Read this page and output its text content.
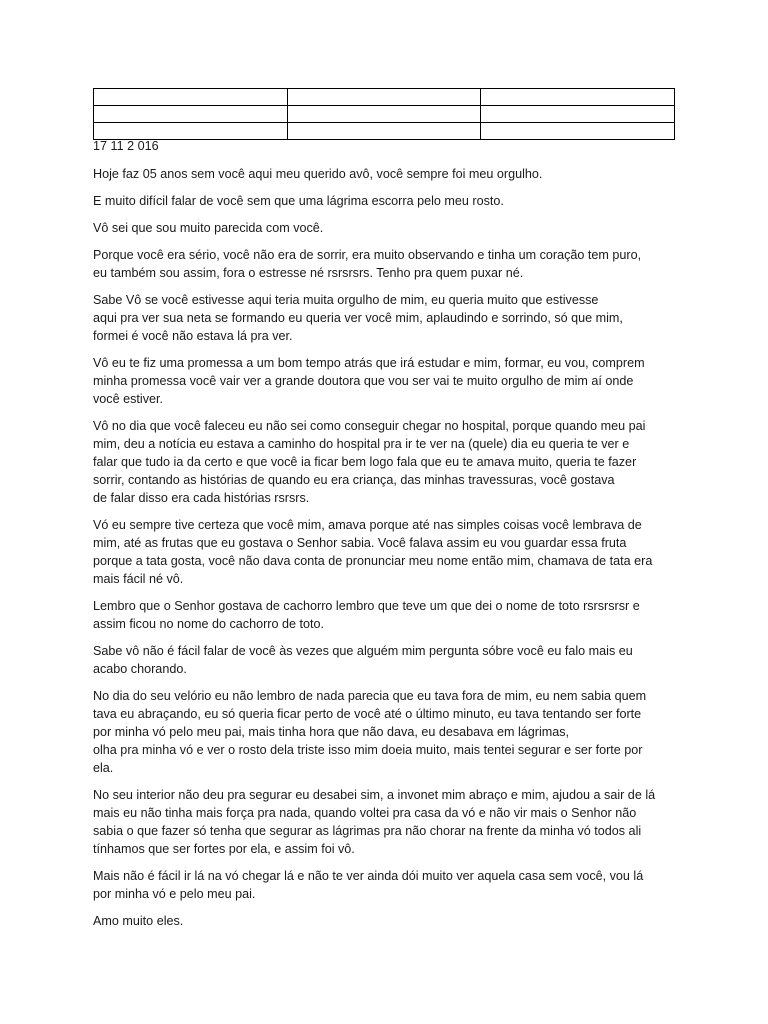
17 11 2 016

Hoje faz 05 anos sem você aqui meu querido avô, você sempre foi meu orgulho.

E muito difícil falar de você sem que uma lágrima escorra pelo meu rosto.

Vô sei que sou muito parecida com você.

Porque você era sério, você não era de sorrir, era muito observando e tinha um coração tem puro,
eu também sou assim, fora o estresse né rsrsrsrs. Tenho pra quem puxar né.

Sabe Vô se você estivesse aqui teria muita orgulho de mim, eu queria muito que estivesse
aqui pra ver sua neta se formando eu queria ver você mim, aplaudindo e sorrindo, só que mim,
formei é você não estava lá pra ver.

Vô eu te fiz uma promessa a um bom tempo atrás que irá estudar e mim, formar, eu vou, comprem
minha promessa você vair ver a grande doutora que vou ser vai te muito orgulho de mim aí onde
você estiver.

Vô no dia que você faleceu eu não sei como conseguir chegar no hospital, porque quando meu pai
mim, deu a notícia eu estava a caminho do hospital pra ir te ver na (quele) dia eu queria te ver e
falar que tudo ia da certo e que você ia ficar bem logo fala que eu te amava muito, queria te fazer
sorrir, contando as histórias de quando eu era criança, das minhas travessuras, você gostava
de falar disso era cada histórias rsrsrs.

Vó eu sempre tive certeza que você mim, amava porque até nas simples coisas você lembrava de
mim, até as frutas que eu gostava o Senhor sabia. Você falava assim eu vou guardar essa fruta
porque a tata gosta, você não dava conta de pronunciar meu nome então mim, chamava de tata era
mais fácil né vô.

Lembro que o Senhor gostava de cachorro lembro que teve um que dei o nome de toto rsrsrsrsr e
assim ficou no nome do cachorro de toto.

Sabe vô não é fácil falar de você às vezes que alguém mim pergunta sóbre você eu falo mais eu
acabo chorando.

No dia do seu velório eu não lembro de nada parecia que eu tava fora de mim, eu nem sabia quem
tava eu abraçando, eu só queria ficar perto de você até o último minuto, eu tava tentando ser forte
por minha vó pelo meu pai, mais tinha hora que não dava, eu desabava em lágrimas,
olha pra minha vó e ver o rosto dela triste isso mim doeia muito, mais tentei segurar e ser forte por
ela.

No seu interior não deu pra segurar eu desabei sim, a invonet mim abraço e mim, ajudou a sair de lá
mais eu não tinha mais força pra nada, quando voltei pra casa da vó e não vir mais o Senhor não
sabia o que fazer só tenha que segurar as lágrimas pra não chorar na frente da minha vó todos ali
tínhamos que ser fortes por ela, e assim foi vô.

Mais não é fácil ir lá na vó chegar lá e não te ver ainda dói muito ver aquela casa sem você, vou lá
por minha vó e pelo meu pai.

Amo muito eles.
